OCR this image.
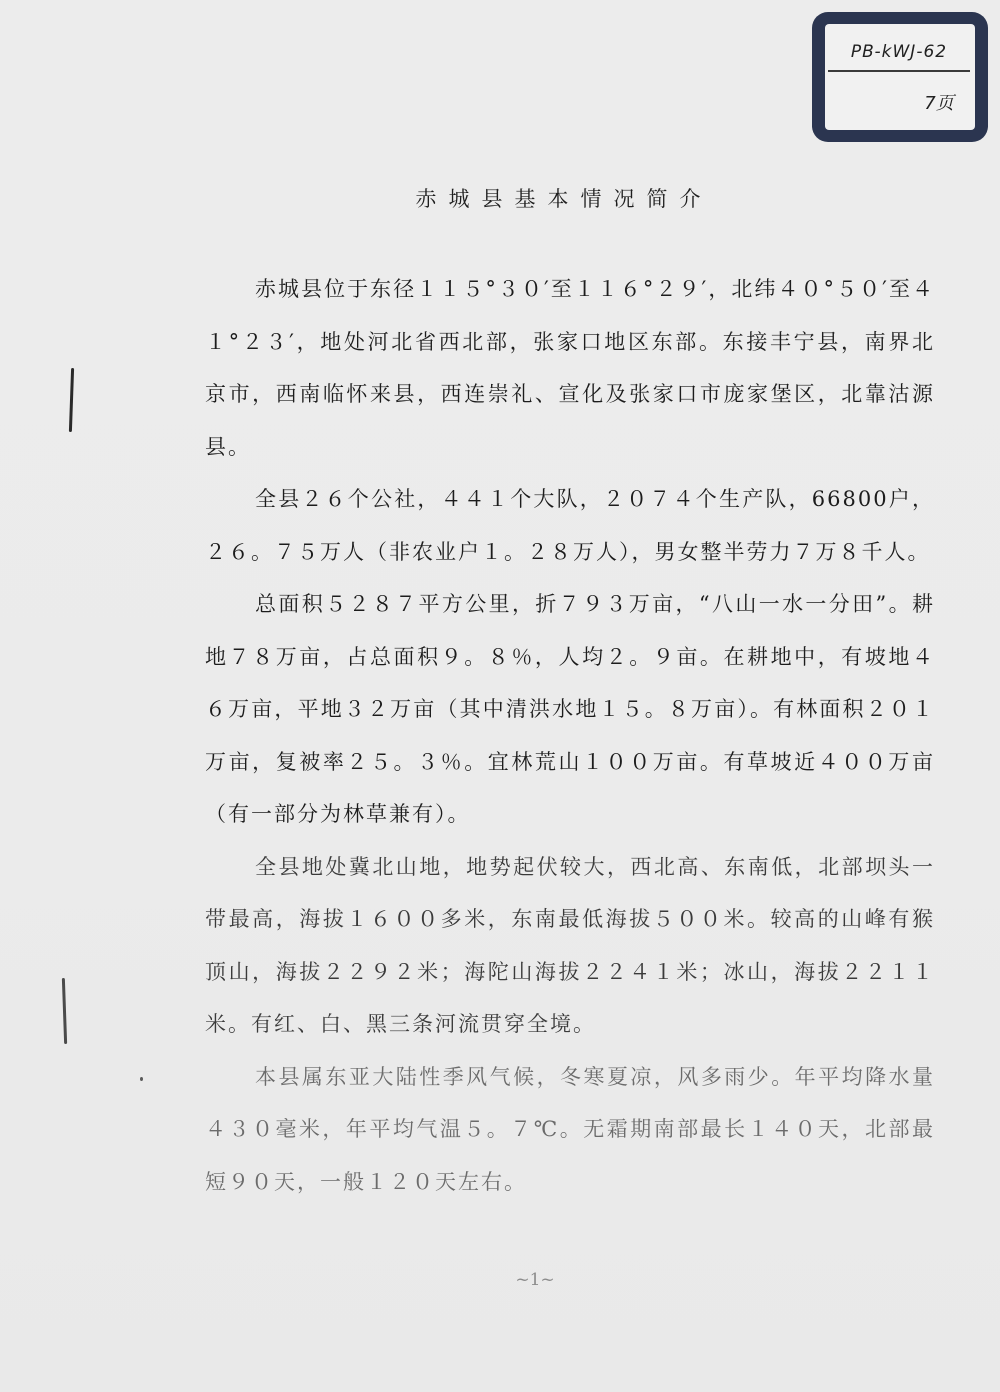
PB-kWJ-62
7页
赤城县基本情况简介

赤城县位于东径１１５°３０′至１１６°２９′，北纬４０°５０′至４１°２３′，地处河北省西北部，张家口地区东部。东接丰宁县，南界北京市，西南临怀来县，西连崇礼、宣化及张家口市庞家堡区，北靠沽源县。

全县２６个公社，４４１个大队，２０７４个生产队，66800户，２６。７５万人（非农业户１。２８万人），男女整半劳力７万８千人。

总面积５２８７平方公里，折７９３万亩，“八山一水一分田”。耕地７８万亩，占总面积９。８％，人均２。９亩。在耕地中，有坡地４６万亩，平地３２万亩（其中清洪水地１５。８万亩）。有林面积２０１万亩，复被率２５。３％。宜林荒山１００万亩。有草坡近４００万亩（有一部分为林草兼有）。

全县地处冀北山地，地势起伏较大，西北高、东南低，北部坝头一带最高，海拔１６００多米，东南最低海拔５００米。较高的山峰有猴顶山，海拔２２９２米；海陀山海拔２２４１米；冰山，海拔２２１１米。有红、白、黑三条河流贯穿全境。

本县属东亚大陆性季风气候，冬寒夏凉，风多雨少。年平均降水量４３０毫米，年平均气温５。７℃。无霜期南部最长１４０天，北部最短９０天，一般１２０天左右。

~1~
